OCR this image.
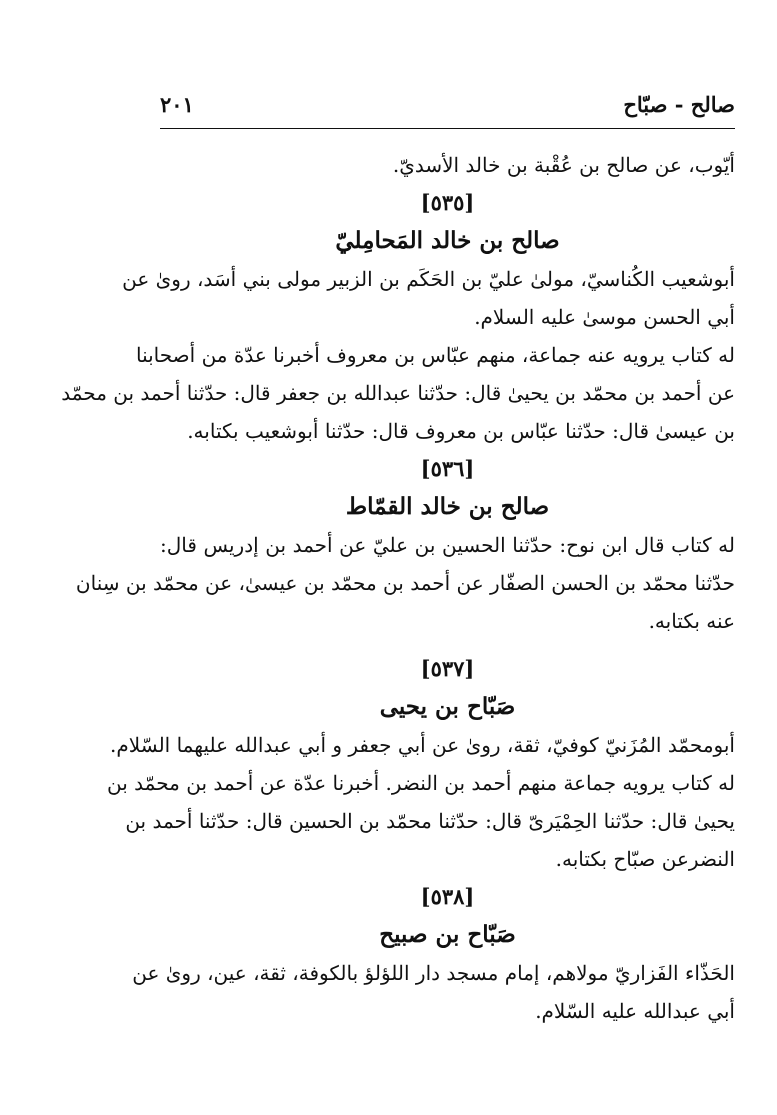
صالح - صبّاح
٢٠١
أيّوب، عن صالح بن عُقْبة بن خالد الأسديّ.
[٥٣٥]
صالح بن خالد المَحامِليّ
أبوشعيب الكُناسيّ، مولىٰ عليّ بن الحَكَم بن الزبير مولى بني أسَد، روىٰ عن
أبي الحسن موسىٰ عليه السلام.
له كتاب يرويه عنه جماعة، منهم عبّاس بن معروف أخبرنا عدّة من أصحابنا
عن أحمد بن محمّد بن يحيىٰ قال: حدّثنا عبدالله بن جعفر قال: حدّثنا أحمد بن محمّد
بن عيسىٰ قال: حدّثنا عبّاس بن معروف قال: حدّثنا أبوشعيب بكتابه.
[٥٣٦]
صالح بن خالد القمّاط
له كتاب قال ابن نوح: حدّثنا الحسين بن عليّ عن أحمد بن إدريس قال:
حدّثنا محمّد بن الحسن الصفّار عن أحمد بن محمّد بن عيسىٰ، عن محمّد بن سِنان
عنه بكتابه.
[٥٣٧]
صَبّاح بن يحيى
أبومحمّد المُزَنيّ كوفيّ، ثقة، روىٰ عن أبي جعفر و أبي عبدالله عليهما السّلام.
له كتاب يرويه جماعة منهم أحمد بن النضر. أخبرنا عدّة عن أحمد بن محمّد بن
يحيىٰ قال: حدّثنا الحِمْيَرىّ قال: حدّثنا محمّد بن الحسين قال: حدّثنا أحمد بن
النضرعن صبّاح بكتابه.
[٥٣٨]
صَبّاح بن صبيح
الحَذّاء الفَزاريّ مولاهم، إمام مسجد دار اللؤلؤ بالكوفة، ثقة، عين، روىٰ عن
أبي عبدالله عليه السّلام.
